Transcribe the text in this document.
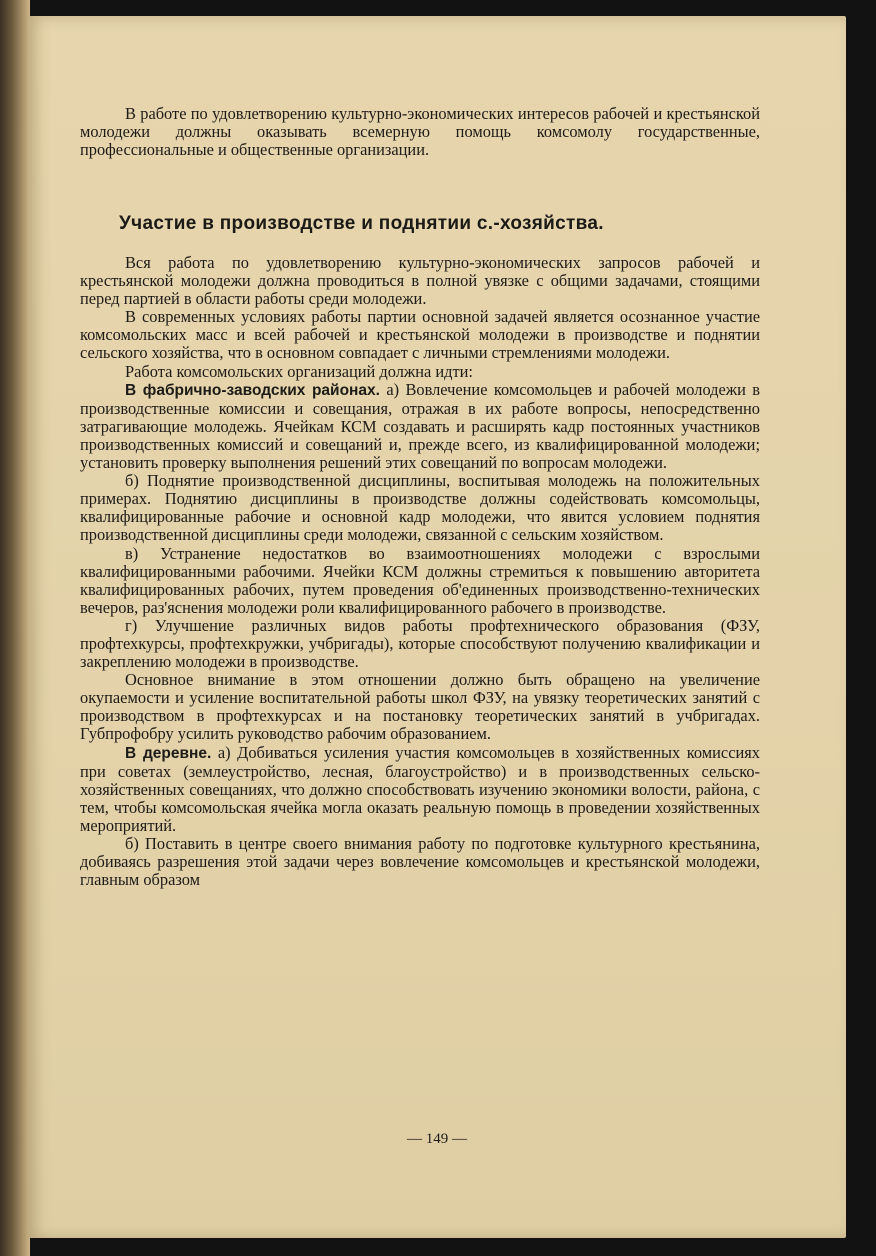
В работе по удовлетворению культурно-экономических интересов рабочей и крестьянской молодежи должны оказывать всемерную помощь комсомолу государственные, профессиональные и общественные организации.

Участие в производстве и поднятии с.-хозяйства.

Вся работа по удовлетворению культурно-экономических запросов рабочей и крестьянской молодежи должна проводиться в полной увязке с общими задачами, стоящими перед партией в области работы среди молодежи.

В современных условиях работы партии основной задачей является осознанное участие комсомольских масс и всей рабочей и крестьянской молодежи в производстве и поднятии сельского хозяйства, что в основном совпадает с личными стремлениями молодежи.

Работа комсомольских организаций должна идти:

В фабрично-заводских районах. а) Вовлечение комсомольцев и рабочей молодежи в производственные комиссии и совещания, отражая в их работе вопросы, непосредственно затрагивающие молодежь. Ячейкам КСМ создавать и расширять кадр постоянных участников производственных комиссий и совещаний и, прежде всего, из квалифицированной молодежи; установить проверку выполнения решений этих совещаний по вопросам молодежи.

б) Поднятие производственной дисциплины, воспитывая молодежь на положительных примерах. Поднятию дисциплины в производстве должны содействовать комсомольцы, квалифицированные рабочие и основной кадр молодежи, что явится условием поднятия производственной дисциплины среди молодежи, связанной с сельским хозяйством.

в) Устранение недостатков во взаимоотношениях молодежи с взрослыми квалифицированными рабочими. Ячейки КСМ должны стремиться к повышению авторитета квалифицированных рабочих, путем проведения об'единенных производственно-технических вечеров, раз'яснения молодежи роли квалифицированного рабочего в производстве.

г) Улучшение различных видов работы профтехнического образования (ФЗУ, профтехкурсы, профтехкружки, учбригады), которые способствуют получению квалификации и закреплению молодежи в производстве.

Основное внимание в этом отношении должно быть обращено на увеличение окупаемости и усиление воспитательной работы школ ФЗУ, на увязку теоретических занятий с производством в профтехкурсах и на постановку теоретических занятий в учбригадах. Губпрофобру усилить руководство рабочим образованием.

В деревне. а) Добиваться усиления участия комсомольцев в хозяйственных комиссиях при советах (землеустройство, лесная, благоустройство) и в производственных сельско-хозяйственных совещаниях, что должно способствовать изучению экономики волости, района, с тем, чтобы комсомольская ячейка могла оказать реальную помощь в проведении хозяйственных мероприятий.

б) Поставить в центре своего внимания работу по подготовке культурного крестьянина, добиваясь разрешения этой задачи через вовлечение комсомольцев и крестьянской молодежи, главным образом

— 149 —
